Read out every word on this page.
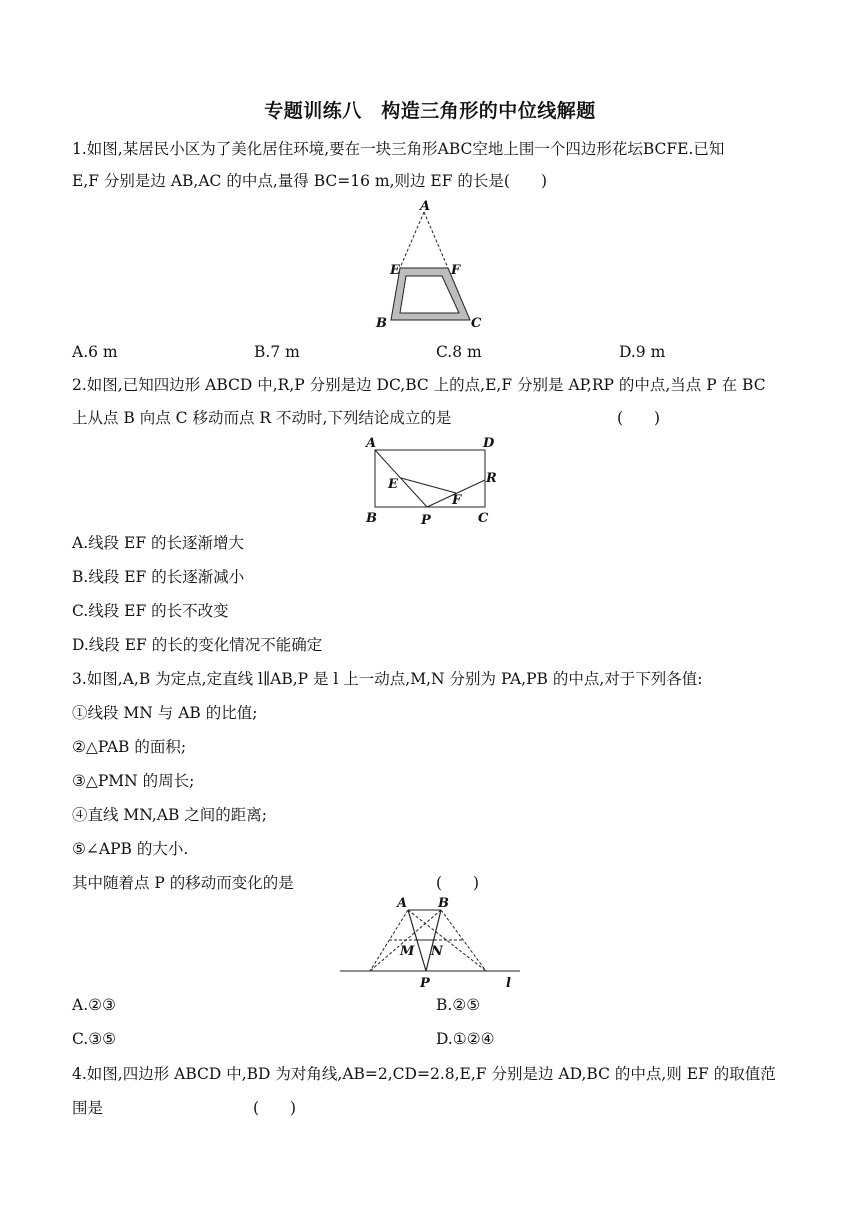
专题训练八　构造三角形的中位线解题
1.如图,某居民小区为了美化居住环境,要在一块三角形ABC空地上围一个四边形花坛BCFE.已知
E,F 分别是边 AB,AC 的中点,量得 BC=16 m,则边 EF 的长是(　　)
A
E	F
B	C
A.6 m	B.7 m	C.8 m	D.9 m
2.如图,已知四边形 ABCD 中,R,P 分别是边 DC,BC 上的点,E,F 分别是 AP,RP 的中点,当点 P 在 BC
上从点 B 向点 C 移动而点 R 不动时,下列结论成立的是	(　　)
A	D
E	R
F
B	P	C
A.线段 EF 的长逐渐增大
B.线段 EF 的长逐渐减小
C.线段 EF 的长不改变
D.线段 EF 的长的变化情况不能确定
3.如图,A,B 为定点,定直线 l∥AB,P 是 l 上一动点,M,N 分别为 PA,PB 的中点,对于下列各值:
①线段 MN 与 AB 的比值;
②△PAB 的面积;
③△PMN 的周长;
④直线 MN,AB 之间的距离;
⑤∠APB 的大小.
其中随着点 P 的移动而变化的是	(　　)
A B
M N
P	l
A.②③	B.②⑤
C.③⑤	D.①②④
4.如图,四边形 ABCD 中,BD 为对角线,AB=2,CD=2.8,E,F 分别是边 AD,BC 的中点,则 EF 的取值范
围是	(　　)
